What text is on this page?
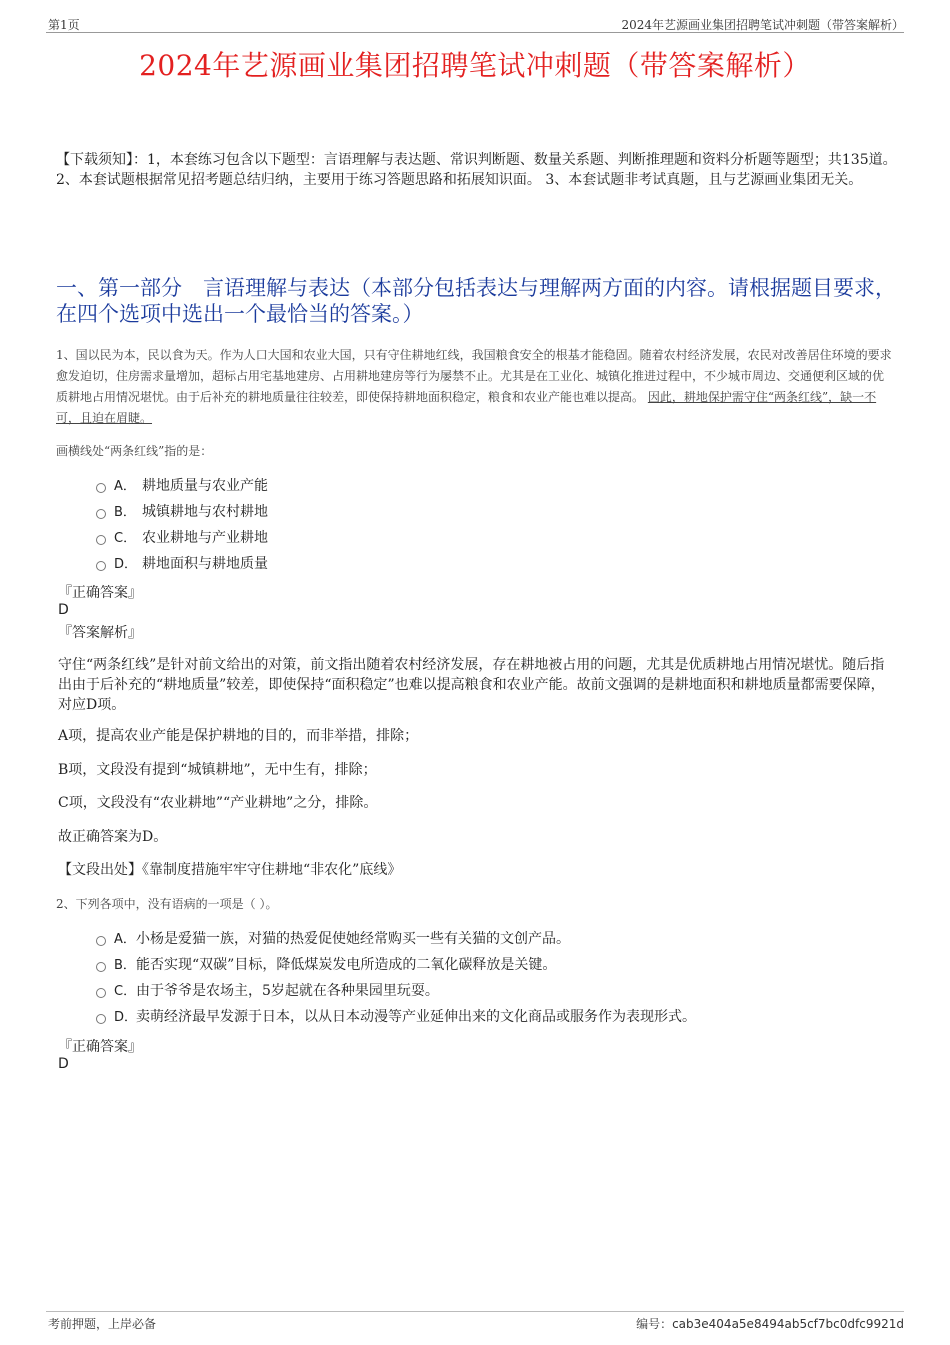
第1页	2024年艺源画业集团招聘笔试冲刺题（带答案解析）
2024年艺源画业集团招聘笔试冲刺题（带答案解析）
【下载须知】：1，本套练习包含以下题型：言语理解与表达题、常识判断题、数量关系题、判断推理题和资料分析题等题型；共135道。 2、本套试题根据常见招考题总结归纳，主要用于练习答题思路和拓展知识面。 3、本套试题非考试真题，且与艺源画业集团无关。
一、第一部分　言语理解与表达（本部分包括表达与理解两方面的内容。请根据题目要求，在四个选项中选出一个最恰当的答案。）
1、国以民为本，民以食为天。作为人口大国和农业大国，只有守住耕地红线，我国粮食安全的根基才能稳固。随着农村经济发展，农民对改善居住环境的要求愈发迫切，住房需求量增加，超标占用宅基地建房、占用耕地建房等行为屡禁不止。尤其是在工业化、城镇化推进过程中，不少城市周边、交通便利区域的优质耕地占用情况堪忧。由于后补充的耕地质量往往较差，即使保持耕地面积稳定，粮食和农业产能也难以提高。 因此，耕地保护需守住“两条红线”，缺一不可，且迫在眉睫。
画横线处“两条红线”指的是：
A． 耕地质量与农业产能
B． 城镇耕地与农村耕地
C． 农业耕地与产业耕地
D． 耕地面积与耕地质量
『正确答案』
D
『答案解析』
守住“两条红线”是针对前文给出的对策，前文指出随着农村经济发展，存在耕地被占用的问题，尤其是优质耕地占用情况堪忧。随后指出由于后补充的“耕地质量”较差，即使保持“面积稳定”也难以提高粮食和农业产能。故前文强调的是耕地面积和耕地质量都需要保障，对应D项。
A项，提高农业产能是保护耕地的目的，而非举措，排除；
B项，文段没有提到“城镇耕地”，无中生有，排除；
C项，文段没有“农业耕地”“产业耕地”之分，排除。
故正确答案为D。
【文段出处】《靠制度措施牢牢守住耕地“非农化”底线》
2、下列各项中，没有语病的一项是（ ）。
A．小杨是爱猫一族，对猫的热爱促使她经常购买一些有关猫的文创产品。
B．能否实现“双碳”目标，降低煤炭发电所造成的二氧化碳释放是关键。
C．由于爷爷是农场主，5岁起就在各种果园里玩耍。
D．卖萌经济最早发源于日本，以从日本动漫等产业延伸出来的文化商品或服务作为表现形式。
『正确答案』
D
考前押题，上岸必备	编号：cab3e404a5e8494ab5cf7bc0dfc9921d
